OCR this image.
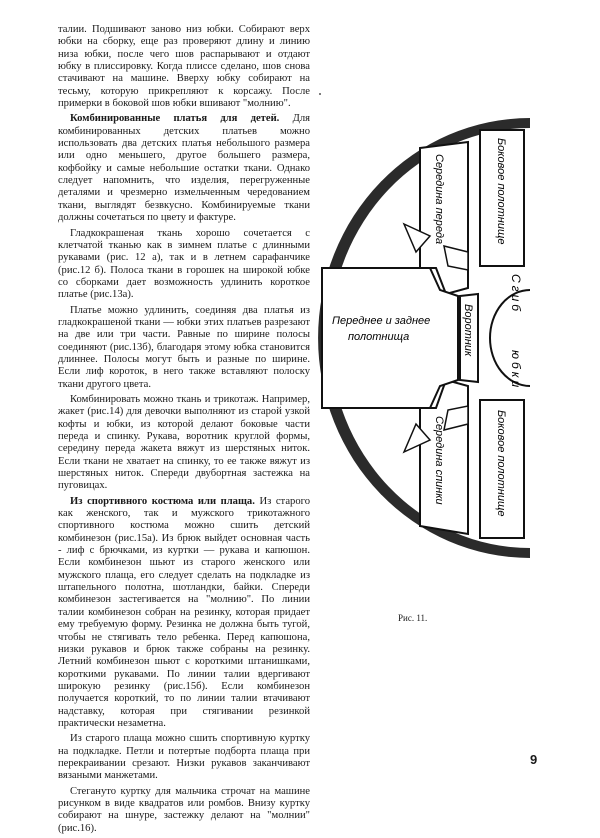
талии. Подшивают заново низ юбки. Собирают верх юбки на сборку, еще раз проверяют длину и линию низа юбки, после чего шов распарывают и отдают юбку в плиссировку. Когда плиссе сделано, шов снова стачивают на машине. Вверху юбку собирают на тесьму, которую прикрепляют к корсажу. После примерки в боковой шов юбки вшивают "молнию".

Комбинированные платья для детей. Для комбинированных детских платьев можно использовать два детских платья небольшого размера или одно меньшего, другое большего размера, кофбойку и самые небольшие остатки ткани. Однако следует напомнить, что изделия, перегруженные деталями и чрезмерно измельченным чередованием ткани, выглядят безвкусно. Комбинируемые ткани должны сочетаться по цвету и фактуре.

Гладкокрашеная ткань хорошо сочетается с клетчатой тканью как в зимнем платье с длинными рукавами (рис. 12 а), так и в летнем сарафанчике (рис.12 б). Полоса ткани в горошек на широкой юбке со сборками дает возможность удлинить короткое платье (рис.13а).

Платье можно удлинить, соединяя два платья из гладкокрашеной ткани — юбки этих платьев разрезают на две или три части. Равные по ширине полосы соединяют (рис.13б), благодаря этому юбка становится длиннее. Полосы могут быть и разные по ширине. Если лиф короток, в него также вставляют полоску ткани другого цвета.

Комбинировать можно ткань и трикотаж. Например, жакет (рис.14) для девочки выполняют из старой узкой кофты и юбки, из которой делают боковые части переда и спинку. Рукава, воротник круглой формы, середину переда жакета вяжут из шерстяных ниток. Если ткани не хватает на спинку, то ее также вяжут из шерстяных ниток. Спереди двубортная застежка на пуговицах.

Из спортивного костюма или плаща. Из старого как женского, так и мужского трикотажного спортивного костюма можно сшить детский комбинезон (рис.15а). Из брюк выйдет основная часть - лиф с брючками, из куртки — рукава и капюшон. Если комбинезон шьют из старого женского или мужского плаща, его следует сделать на подкладке из штапельного полотна, шотландки, байки. Спереди комбинезон застегивается на "молнию". По линии талии комбинезон собран на резинку, которая придает ему требуемую форму. Резинка не должна быть тугой, чтобы не стягивать тело ребенка. Перед капюшона, низки рукавов и брюк также собраны на резинку. Летний комбинезон шьют с короткими штанишками, короткими рукавами. По линии талии вдергивают широкую резинку (рис.15б). Если комбинезон получается короткий, то по линии талии втачивают надставку, которая при стягивании резинкой практически незаметна.

Из старого плаща можно сшить спортивную куртку на подкладке. Петли и потертые подборта плаща при перекраивании срезают. Низки рукавов заканчивают вязаными манжетами.

Стегануто куртку для мальчика строчат на машине рисунком в виде квадратов или ромбов. Внизу куртку собирают на шнуре, застежку делают на "молнии" (рис.16).

Боковое полотнище
Боковое полотнище
Середина переда
Середина спинки
Воротник
Сгиб
юбки
Переднее и заднее
полотнища
Рис. 11.
9
